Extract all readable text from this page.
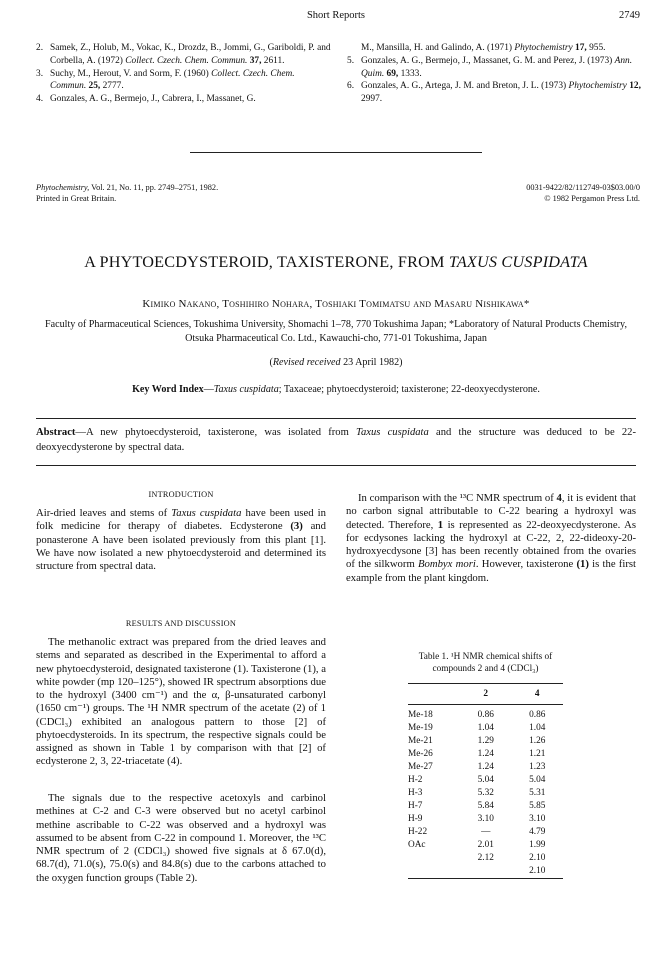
Short Reports	2749
2. Samek, Z., Holub, M., Vokac, K., Drozdz, B., Jommi, G., Gariboldi, P. and Corbella, A. (1972) Collect. Czech. Chem. Commun. 37, 2611.
3. Suchy, M., Herout, V. and Sorm, F. (1960) Collect. Czech. Chem. Commun. 25, 2777.
4. Gonzales, A. G., Bermejo, J., Cabrera, I., Massanet, G.
M., Mansilla, H. and Galindo, A. (1971) Phytochemistry 17, 955.
5. Gonzales, A. G., Bermejo, J., Massanet, G. M. and Perez, J. (1973) Ann. Quim. 69, 1333.
6. Gonzales, A. G., Artega, J. M. and Breton, J. L. (1973) Phytochemistry 12, 2997.
Phytochemistry, Vol. 21, No. 11, pp. 2749–2751, 1982.
Printed in Great Britain.
0031-9422/82/112749-03$03.00/0
© 1982 Pergamon Press Ltd.
A PHYTOECDYSTEROID, TAXISTERONE, FROM TAXUS CUSPIDATA
Kimiko Nakano, Toshihiro Nohara, Toshiaki Tomimatsu and Masaru Nishikawa*
Faculty of Pharmaceutical Sciences, Tokushima University, Shomachi 1–78, 770 Tokushima Japan; *Laboratory of Natural Products Chemistry, Otsuka Pharmaceutical Co. Ltd., Kawauchi-cho, 771-01 Tokushima, Japan
(Revised received 23 April 1982)
Key Word Index—Taxus cuspidata; Taxaceae; phytoecdysteroid; taxisterone; 22-deoxyecdysterone.
Abstract—A new phytoecdysteroid, taxisterone, was isolated from Taxus cuspidata and the structure was deduced to be 22-deoxyecdysterone by spectral data.
INTRODUCTION
Air-dried leaves and stems of Taxus cuspidata have been used in folk medicine for therapy of diabetes. Ecdysterone (3) and ponasterone A have been isolated previously from this plant [1]. We have now isolated a new phytoecdysteroid and determined its structure from spectral data.
RESULTS AND DISCUSSION
The methanolic extract was prepared from the dried leaves and stems and separated as described in the Experimental to afford a new phytoecdysteroid, designated taxisterone (1). Taxisterone (1), a white powder (mp 120–125°), showed IR spectrum absorptions due to the hydroxyl (3400 cm⁻¹) and the α, β-unsaturated carbonyl (1650 cm⁻¹) groups. The ¹H NMR spectrum of the acetate (2) of 1 (CDCl₃) exhibited an analogous pattern to those [2] of phytoecdysteroids. In its spectrum, the respective signals could be assigned as shown in Table 1 by comparison with that [2] of ecdysterone 2, 3, 22-triacetate (4).
The signals due to the respective acetoxyls and carbinol methines at C-2 and C-3 were observed but no acetyl carbinol methine ascribable to C-22 was observed and a hydroxyl was assumed to be absent from C-22 in compound 1. Moreover, the ¹³C NMR spectrum of 2 (CDCl₃) showed five signals at δ 67.0(d), 68.7(d), 71.0(s), 75.0(s) and 84.8(s) due to the carbons attached to the oxygen function groups (Table 2).
In comparison with the ¹³C NMR spectrum of 4, it is evident that no carbon signal attributable to C-22 bearing a hydroxyl was detected. Therefore, 1 is represented as 22-deoxyecdysterone. As for ecdysones lacking the hydroxyl at C-22, 2, 22-dideoxy-20-hydroxyecdysone [3] has been recently obtained from the ovaries of the silkworm Bombyx mori. However, taxisterone (1) is the first example from the plant kingdom.
Table 1. ¹H NMR chemical shifts of compounds 2 and 4 (CDCl₃)
	2	4
Me-18	0.86	0.86
Me-19	1.04	1.04
Me-21	1.29	1.26
Me-26	1.24	1.21
Me-27	1.24	1.23
H-2	5.04	5.04
H-3	5.32	5.31
H-7	5.84	5.85
H-9	3.10	3.10
H-22	—	4.79
OAc	2.01	1.99
	2.12	2.10
		2.10
